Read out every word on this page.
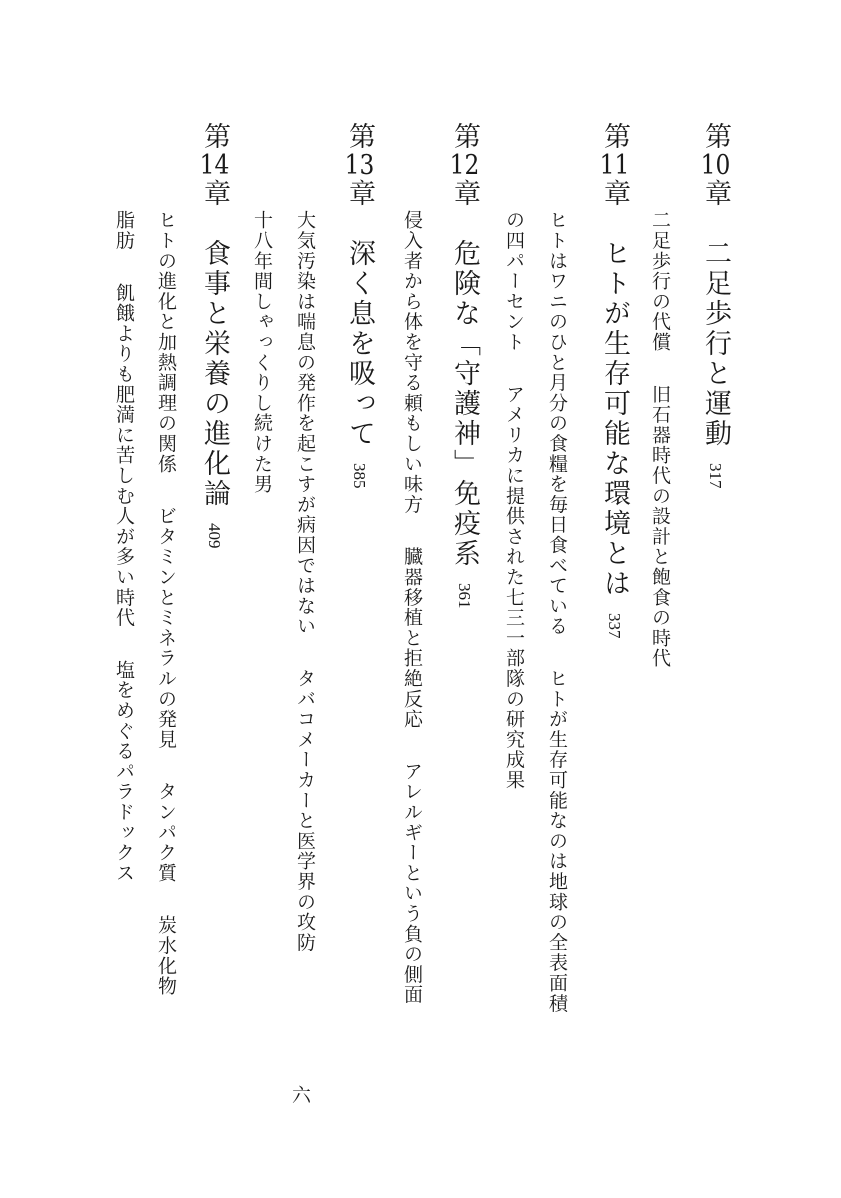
第10章二足歩行と運動317
二足歩行の代償旧石器時代の設計と飽食の時代
第11章ヒトが生存可能な環境とは337
ヒトはワニのひと月分の食糧を毎日食べているヒトが生存可能なのは地球の全表面積
の四パーセントアメリカに提供された七三一部隊の研究成果
第12章危険な「守護神」免疫系361
侵入者から体を守る頼もしい味方臓器移植と拒絶反応アレルギーという負の側面
第13章深く息を吸って385
大気汚染は喘息の発作を起こすが病因ではないタバコメーカーと医学界の攻防
十八年間しゃっくりし続けた男
第14章食事と栄養の進化論409
ヒトの進化と加熱調理の関係ビタミンとミネラルの発見タンパク質炭水化物
脂肪飢餓よりも肥満に苦しむ人が多い時代塩をめぐるパラドックス
六
